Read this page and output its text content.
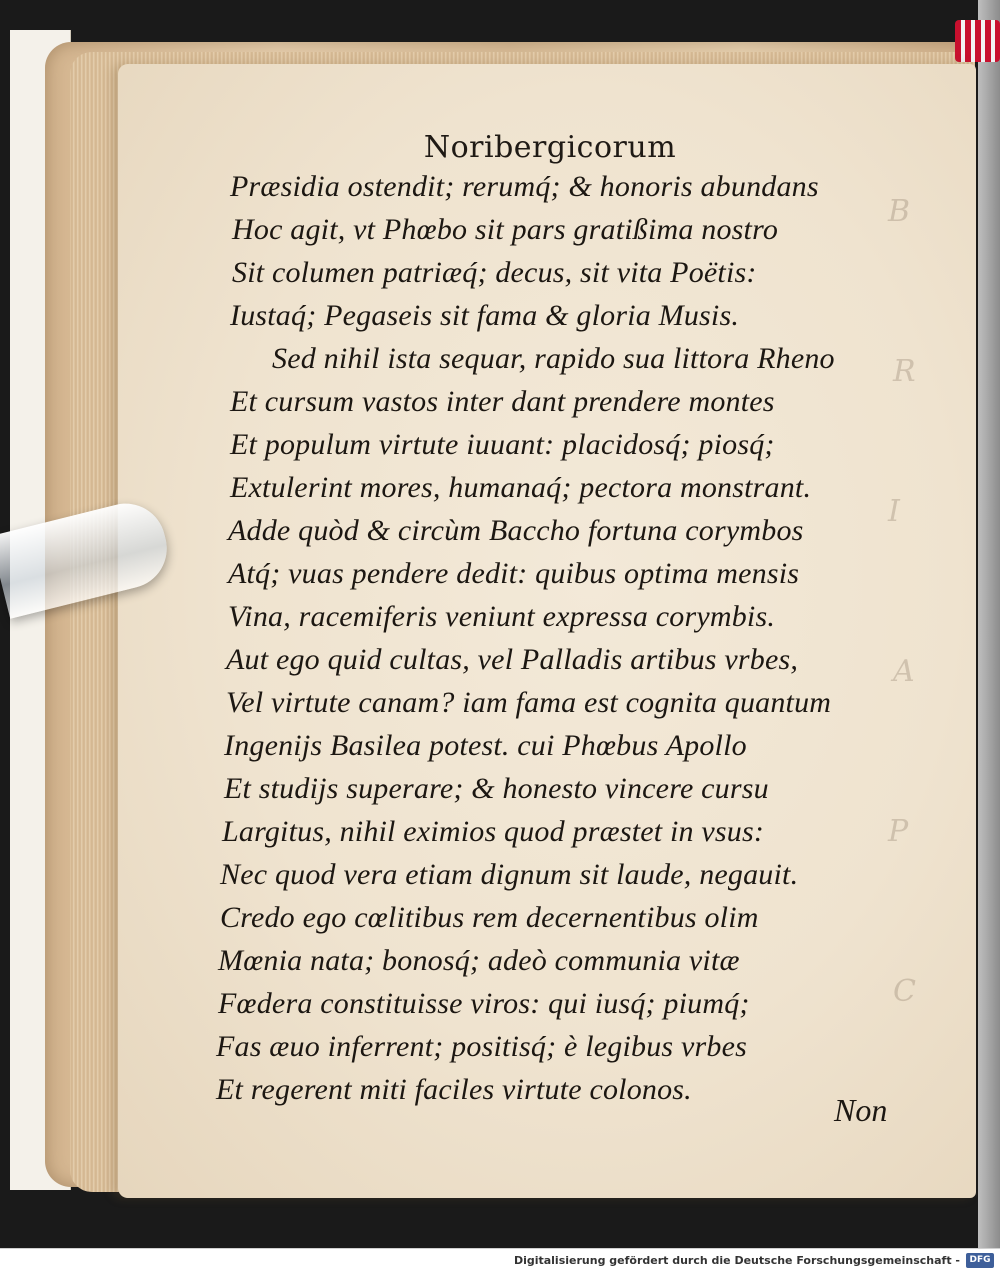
B
R
I
A
P
C
Noribergicorum
Præsidia ostendit; rerumq́; & honoris abundans
Hoc agit, vt Phœbo sit pars gratißima nostro
Sit columen patriæq́; decus, sit vita Poëtis:
Iustaq́; Pegaseis sit fama & gloria Musis.
Sed nihil ista sequar, rapido sua littora Rheno
Et cursum vastos inter dant prendere montes
Et populum virtute iuuant: placidosq́; piosq́;
Extulerint mores, humanaq́; pectora monstrant.
Adde quòd & circùm Baccho fortuna corymbos
Atq́; vuas pendere dedit: quibus optima mensis
Vina, racemiferis veniunt expressa corymbis.
Aut ego quid cultas, vel Palladis artibus vrbes,
Vel virtute canam? iam fama est cognita quantum
Ingenijs Basilea potest. cui Phœbus Apollo
Et studijs superare; & honesto vincere cursu
Largitus, nihil eximios quod præstet in vsus:
Nec quod vera etiam dignum sit laude, negauit.
Credo ego cœlitibus rem decernentibus olim
Mœnia nata; bonosq́; adeò communia vitæ
Fœdera constituisse viros: qui iusq́; piumq́;
Fas æuo inferrent; positisq́; è legibus vrbes
Et regerent miti faciles virtute colonos.
Non
Digitalisierung gefördert durch die Deutsche Forschungsgemeinschaft -	DFG
